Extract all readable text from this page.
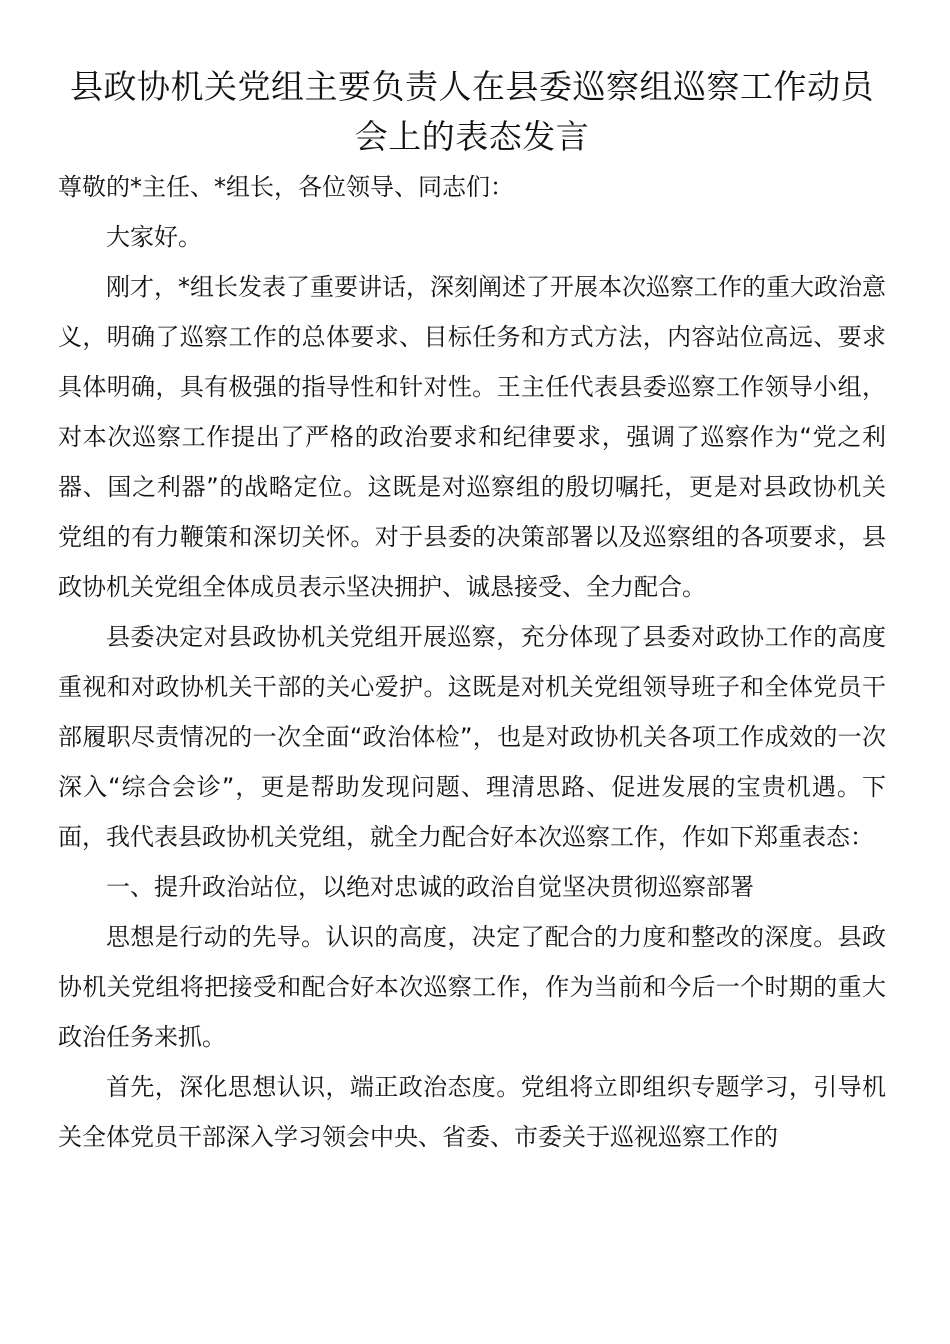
县政协机关党组主要负责人在县委巡察组巡察工作动员会上的表态发言

尊敬的*主任、*组长，各位领导、同志们：

大家好。

刚才，*组长发表了重要讲话，深刻阐述了开展本次巡察工作的重大政治意义，明确了巡察工作的总体要求、目标任务和方式方法，内容站位高远、要求具体明确，具有极强的指导性和针对性。王主任代表县委巡察工作领导小组，对本次巡察工作提出了严格的政治要求和纪律要求，强调了巡察作为“党之利器、国之利器”的战略定位。这既是对巡察组的殷切嘱托，更是对县政协机关党组的有力鞭策和深切关怀。对于县委的决策部署以及巡察组的各项要求，县政协机关党组全体成员表示坚决拥护、诚恳接受、全力配合。

县委决定对县政协机关党组开展巡察，充分体现了县委对政协工作的高度重视和对政协机关干部的关心爱护。这既是对机关党组领导班子和全体党员干部履职尽责情况的一次全面“政治体检”，也是对政协机关各项工作成效的一次深入“综合会诊”，更是帮助发现问题、理清思路、促进发展的宝贵机遇。下面，我代表县政协机关党组，就全力配合好本次巡察工作，作如下郑重表态：

一、提升政治站位，以绝对忠诚的政治自觉坚决贯彻巡察部署

思想是行动的先导。认识的高度，决定了配合的力度和整改的深度。县政协机关党组将把接受和配合好本次巡察工作，作为当前和今后一个时期的重大政治任务来抓。

首先，深化思想认识，端正政治态度。党组将立即组织专题学习，引导机关全体党员干部深入学习领会中央、省委、市委关于巡视巡察工作的
